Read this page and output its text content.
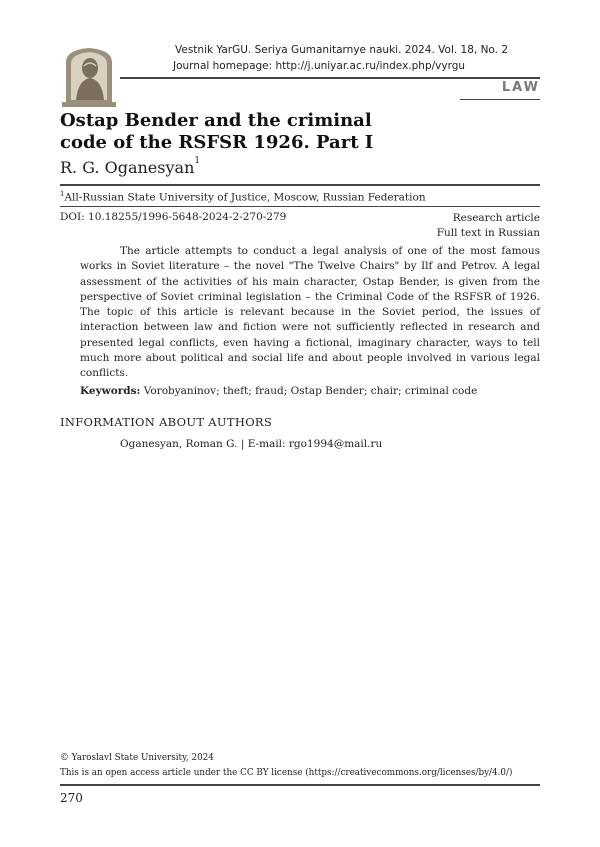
Vestnik YarGU. Seriya Gumanitarnye nauki. 2024. Vol. 18, No. 2
Journal homepage: http://j.uniyar.ac.ru/index.php/vyrgu
LAW
Ostap Bender and the criminal code of the RSFSR 1926. Part I
R. G. Oganesyan$^1$
$^1$All-Russian State University of Justice, Moscow, Russian Federation
DOI: 10.18255/1996-5648-2024-2-270-279	Research article
Full text in Russian
The article attempts to conduct a legal analysis of one of the most famous works in Soviet literature – the novel "The Twelve Chairs" by Ilf and Petrov. A legal assessment of the activities of his main character, Ostap Bender, is given from the perspective of Soviet criminal legislation – the Criminal Code of the RSFSR of 1926. The topic of this article is relevant because in the Soviet period, the issues of interaction between law and fiction were not sufficiently reflected in research and presented legal conflicts, even having a fictional, imaginary character, ways to tell much more about political and social life and about people involved in various legal conflicts.
Keywords: Vorobyaninov; theft; fraud; Ostap Bender; chair; criminal code
INFORMATION ABOUT AUTHORS
Oganesyan, Roman G. | E-mail: rgo1994@mail.ru
© Yaroslavl State University, 2024
This is an open access article under the CC BY license (https://creativecommons.org/licenses/by/4.0/)
270
